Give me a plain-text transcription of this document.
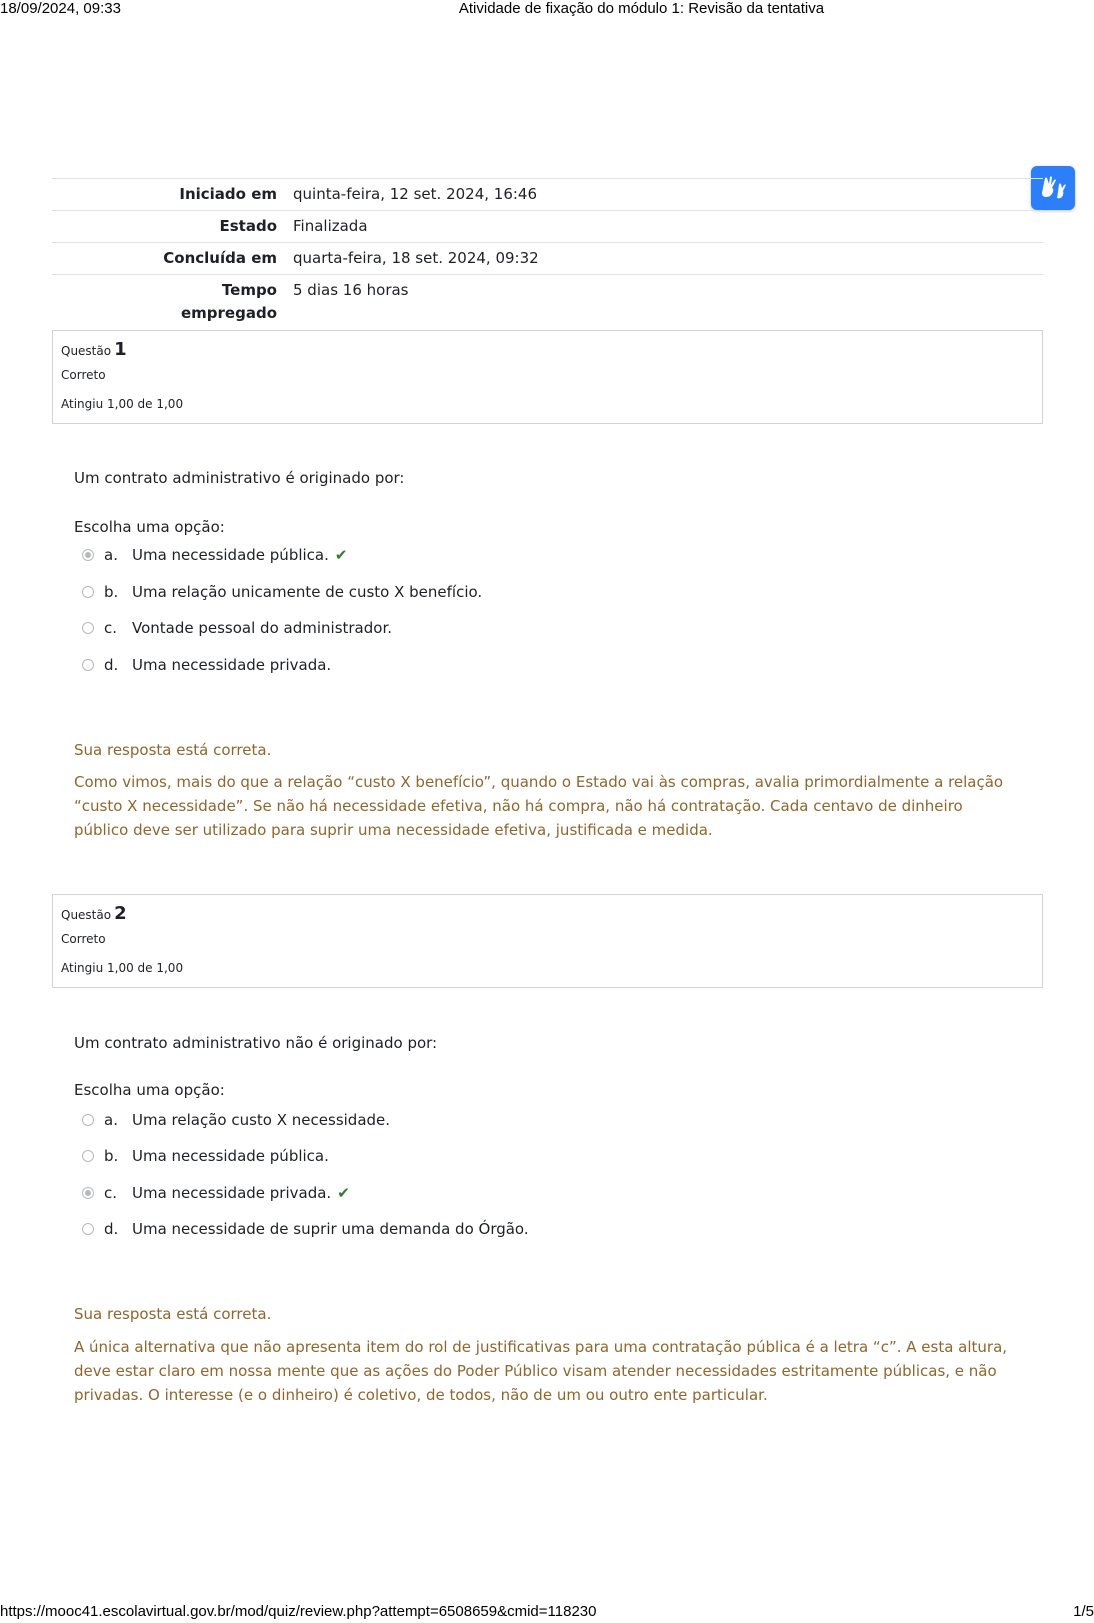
18/09/2024, 09:33	Atividade de fixação do módulo 1: Revisão da tentativa
Iniciado em	quinta-feira, 12 set. 2024, 16:46
Estado	Finalizada
Concluída em	quarta-feira, 18 set. 2024, 09:32
Tempo empregado	5 dias 16 horas
Questão 1
Correto
Atingiu 1,00 de 1,00
Um contrato administrativo é originado por:
Escolha uma opção:
a. Uma necessidade pública. ✔
b. Uma relação unicamente de custo X benefício.
c. Vontade pessoal do administrador.
d. Uma necessidade privada.
Sua resposta está correta.
Como vimos, mais do que a relação “custo X benefício”, quando o Estado vai às compras, avalia primordialmente a relação “custo X necessidade”. Se não há necessidade efetiva, não há compra, não há contratação. Cada centavo de dinheiro público deve ser utilizado para suprir uma necessidade efetiva, justificada e medida.
Questão 2
Correto
Atingiu 1,00 de 1,00
Um contrato administrativo não é originado por:
Escolha uma opção:
a. Uma relação custo X necessidade.
b. Uma necessidade pública.
c. Uma necessidade privada. ✔
d. Uma necessidade de suprir uma demanda do Órgão.
Sua resposta está correta.
A única alternativa que não apresenta item do rol de justificativas para uma contratação pública é a letra “c”. A esta altura, deve estar claro em nossa mente que as ações do Poder Público visam atender necessidades estritamente públicas, e não privadas. O interesse (e o dinheiro) é coletivo, de todos, não de um ou outro ente particular.
https://mooc41.escolavirtual.gov.br/mod/quiz/review.php?attempt=6508659&cmid=118230	1/5
